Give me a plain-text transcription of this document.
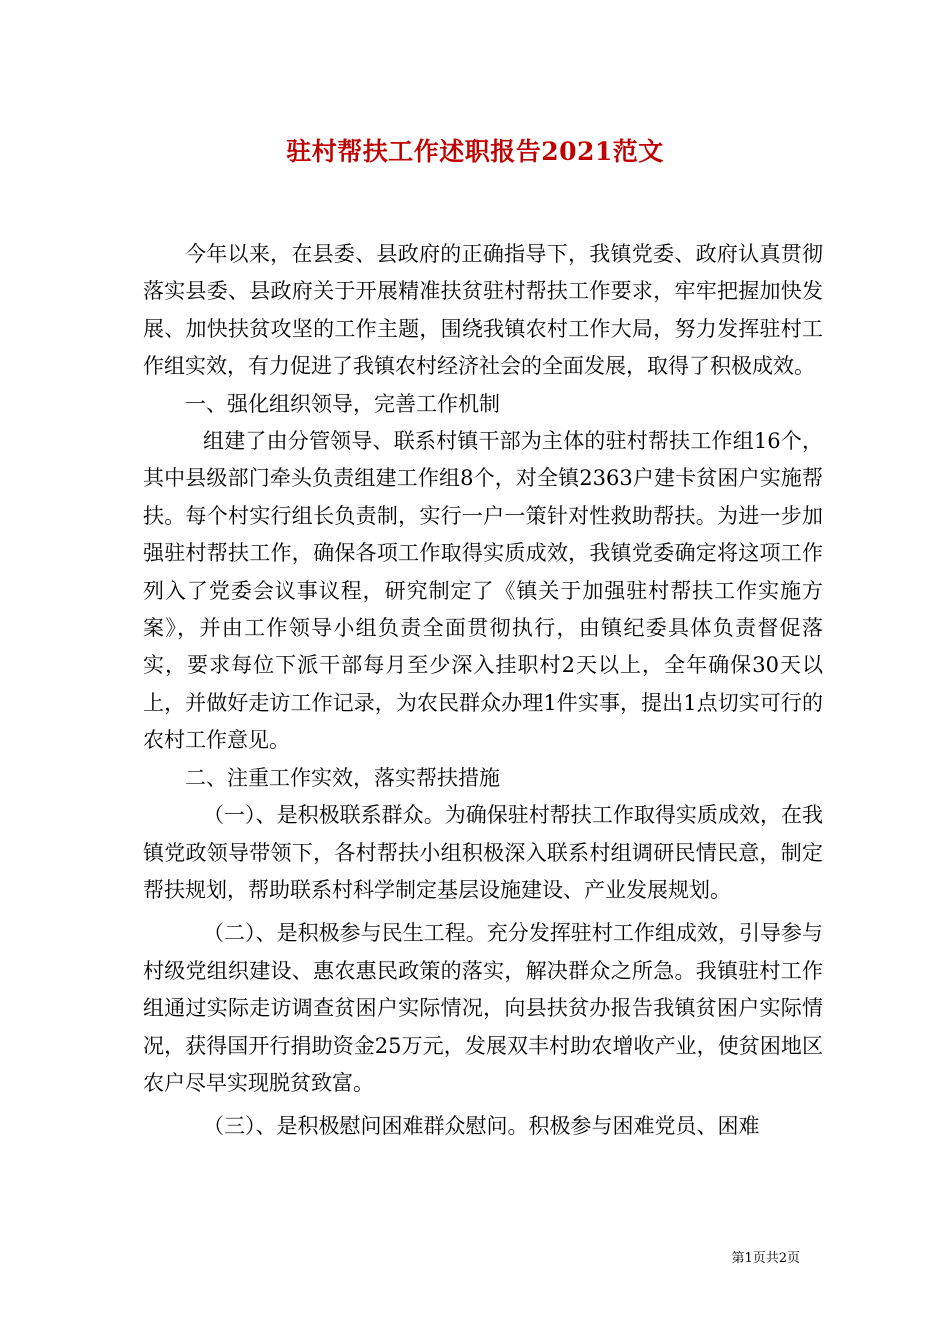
驻村帮扶工作述职报告2021范文

今年以来，在县委、县政府的正确指导下，我镇党委、政府认真贯彻落实县委、县政府关于开展精准扶贫驻村帮扶工作要求，牢牢把握加快发展、加快扶贫攻坚的工作主题，围绕我镇农村工作大局，努力发挥驻村工作组实效，有力促进了我镇农村经济社会的全面发展，取得了积极成效。

一、强化组织领导，完善工作机制

组建了由分管领导、联系村镇干部为主体的驻村帮扶工作组16个，其中县级部门牵头负责组建工作组8个，对全镇2363户建卡贫困户实施帮扶。每个村实行组长负责制，实行一户一策针对性救助帮扶。为进一步加强驻村帮扶工作，确保各项工作取得实质成效，我镇党委确定将这项工作列入了党委会议事议程，研究制定了《镇关于加强驻村帮扶工作实施方案》，并由工作领导小组负责全面贯彻执行，由镇纪委具体负责督促落实，要求每位下派干部每月至少深入挂职村2天以上，全年确保30天以上，并做好走访工作记录，为农民群众办理1件实事，提出1点切实可行的农村工作意见。

二、注重工作实效，落实帮扶措施

（一）、是积极联系群众。为确保驻村帮扶工作取得实质成效，在我镇党政领导带领下，各村帮扶小组积极深入联系村组调研民情民意，制定帮扶规划，帮助联系村科学制定基层设施建设、产业发展规划。

（二）、是积极参与民生工程。充分发挥驻村工作组成效，引导参与村级党组织建设、惠农惠民政策的落实，解决群众之所急。我镇驻村工作组通过实际走访调查贫困户实际情况，向县扶贫办报告我镇贫困户实际情况，获得国开行捐助资金25万元，发展双丰村助农增收产业，使贫困地区农户尽早实现脱贫致富。

（三）、是积极慰问困难群众慰问。积极参与困难党员、困难

第1页共2页
